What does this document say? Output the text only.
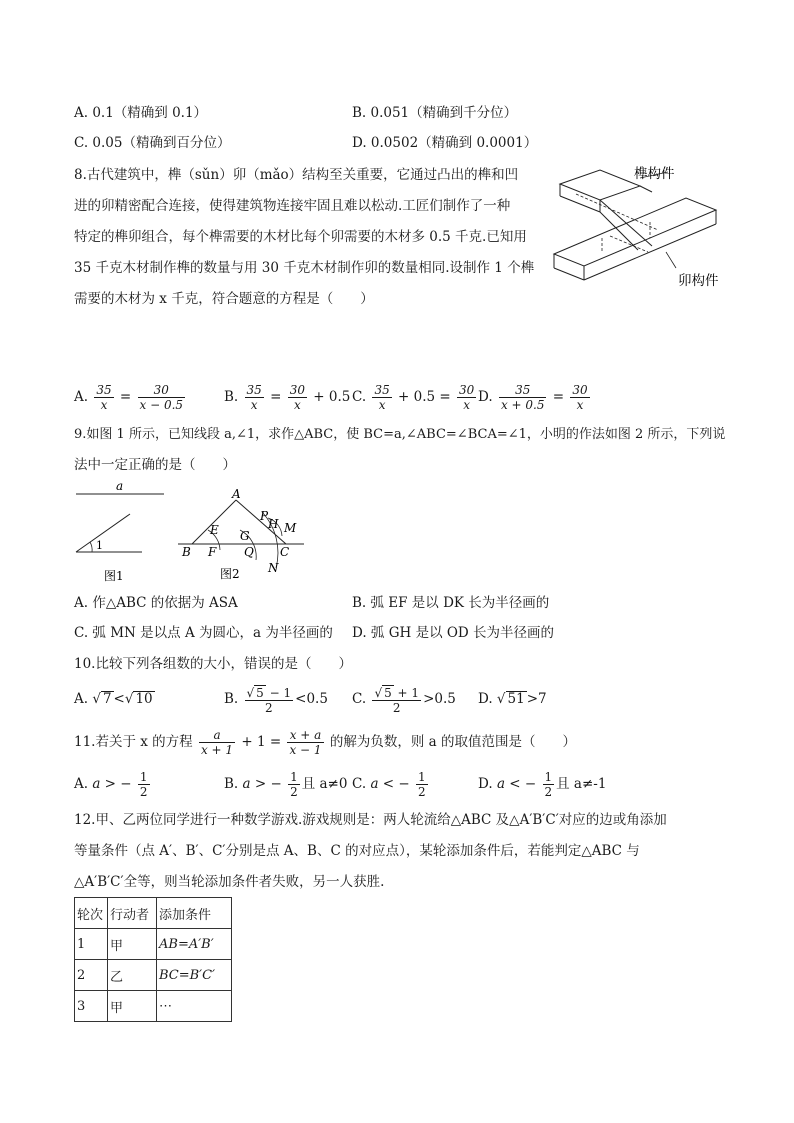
A. 0.1（精确到 0.1）	B. 0.051（精确到千分位）
C. 0.05（精确到百分位）	D. 0.0502（精确到 0.0001）
8.古代建筑中，榫（sǔn）卯（mǎo）结构至关重要，它通过凸出的榫和凹
进的卯精密配合连接，使得建筑物连接牢固且难以松动.工匠们制作了一种
特定的榫卯组合，每个榫需要的木材比每个卯需要的木材多 0.5 千克.已知用
35 千克木材制作榫的数量与用 30 千克木材制作卯的数量相同.设制作 1 个榫
需要的木材为 x 千克，符合题意的方程是（　　）
榫构件
卯构件
A. $\frac{35}{x} = \frac{30}{x - 0.5}$	B. $\frac{35}{x} = \frac{30}{x} + 0.5$ C. $\frac{35}{x} + 0.5 = \frac{30}{x} D$. $\frac{35}{x + 0.5} = \frac{30}{x}$
9.如图 1 所示，已知线段 a,∠1，求作△ABC，使 BC=a,∠ABC=∠BCA=∠1，小明的作法如图 2 所示，下列说
法中一定正确的是（　　）
a
1
图1
A
E
P
H M
G
B F Q C
N
图2
A. 作△ABC 的依据为 ASA	B. 弧 EF 是以 DK 长为半径画的
C. 弧 MN 是以点 A 为圆心，a 为半径画的 D. 弧 GH 是以 OD 长为半径画的
10.比较下列各组数的大小，错误的是（　　）
A. √ 7 <√ 10	B. $\frac{√ 5 - 1}{2} <0.5$ C. $\frac{√ 5 + 1}{2} >0.5$ D. √ 51 >7
11.若关于 x 的方程 $\frac{a}{x + 1} + 1 = \frac{x + a}{x - 1}$ 的解为负数，则 a 的取值范围是（　　）
A. a > − $\frac{1}{2}$	B. a > − $\frac{1}{2}$ 且 a≠0 C. a < − $\frac{1}{2}$	D. a < − $\frac{1}{2}$ 且 a≠-1
12.甲、乙两位同学进行一种数学游戏.游戏规则是：两人轮流给△ABC 及△A′B′C′对应的边或角添加
等量条件（点 A′、B′、C′分别是点 A、B、C 的对应点），某轮添加条件后，若能判定△ABC 与
△A′B′C′全等，则当轮添加条件者失败，另一人获胜.
轮次	行动者	添加条件
1	甲	AB=A′B′
2	乙	BC=B′C′
3	甲	⋯
